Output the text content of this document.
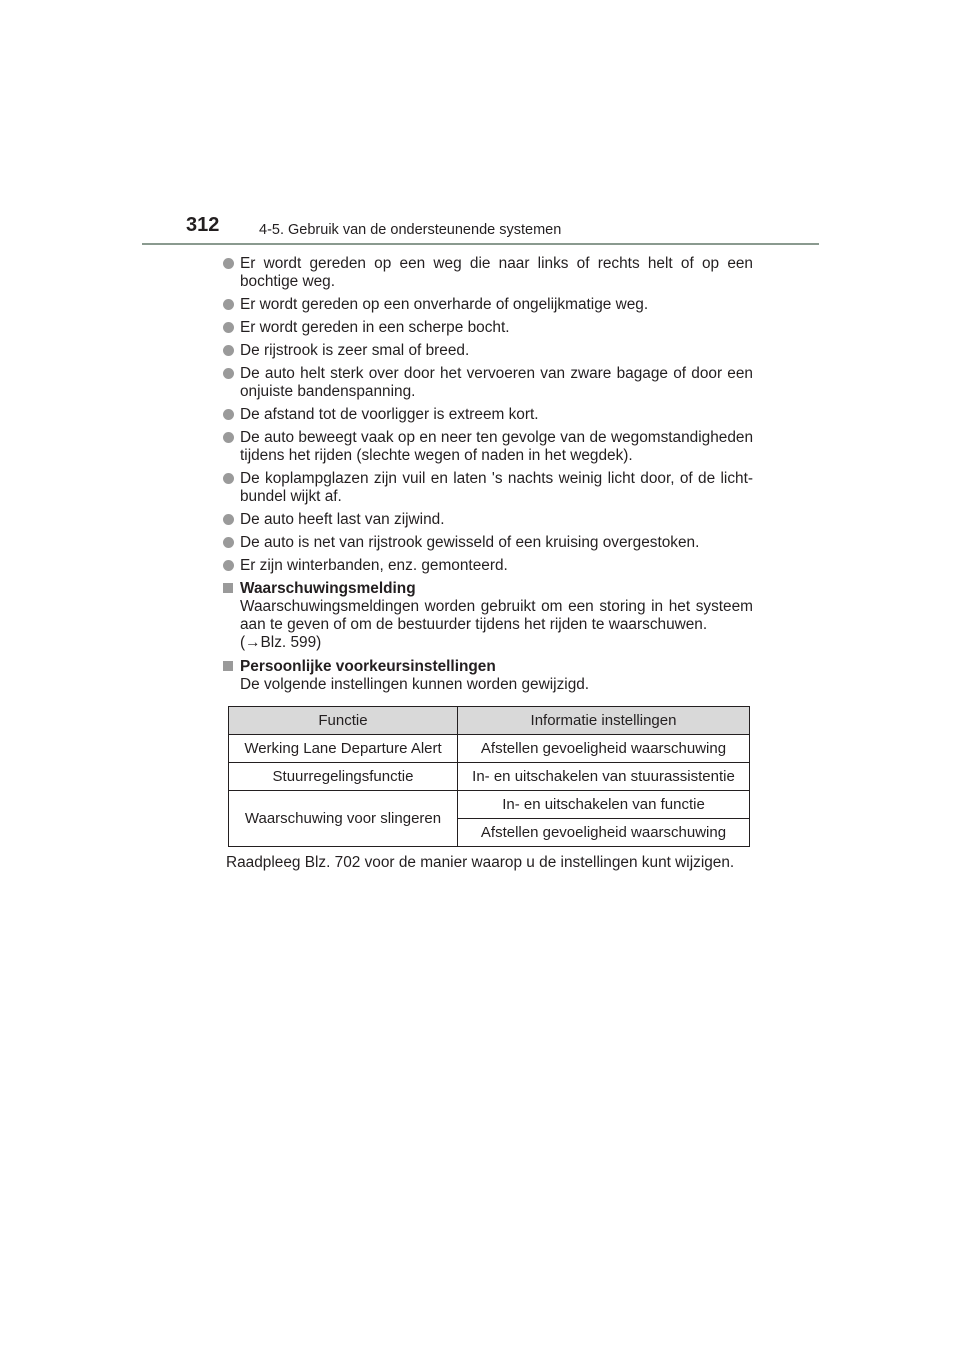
312	4-5. Gebruik van de ondersteunende systemen
Er wordt gereden op een weg die naar links of rechts helt of op een bochtige weg.
Er wordt gereden op een onverharde of ongelijkmatige weg.
Er wordt gereden in een scherpe bocht.
De rijstrook is zeer smal of breed.
De auto helt sterk over door het vervoeren van zware bagage of door een onjuiste bandenspanning.
De afstand tot de voorligger is extreem kort.
De auto beweegt vaak op en neer ten gevolge van de wegomstandigheden tijdens het rijden (slechte wegen of naden in het wegdek).
De koplampglazen zijn vuil en laten 's nachts weinig licht door, of de licht-bundel wijkt af.
De auto heeft last van zijwind.
De auto is net van rijstrook gewisseld of een kruising overgestoken.
Er zijn winterbanden, enz. gemonteerd.
Waarschuwingsmelding
Waarschuwingsmeldingen worden gebruikt om een storing in het systeem aan te geven of om de bestuurder tijdens het rijden te waarschuwen.
(→Blz. 599)
Persoonlijke voorkeursinstellingen
De volgende instellingen kunnen worden gewijzigd.
Functie	Informatie instellingen
Werking Lane Departure Alert	Afstellen gevoeligheid waarschuwing
Stuurregelingsfunctie	In- en uitschakelen van stuurassistentie
Waarschuwing voor slingeren	In- en uitschakelen van functie
	Afstellen gevoeligheid waarschuwing
Raadpleeg Blz. 702 voor de manier waarop u de instellingen kunt wijzigen.
